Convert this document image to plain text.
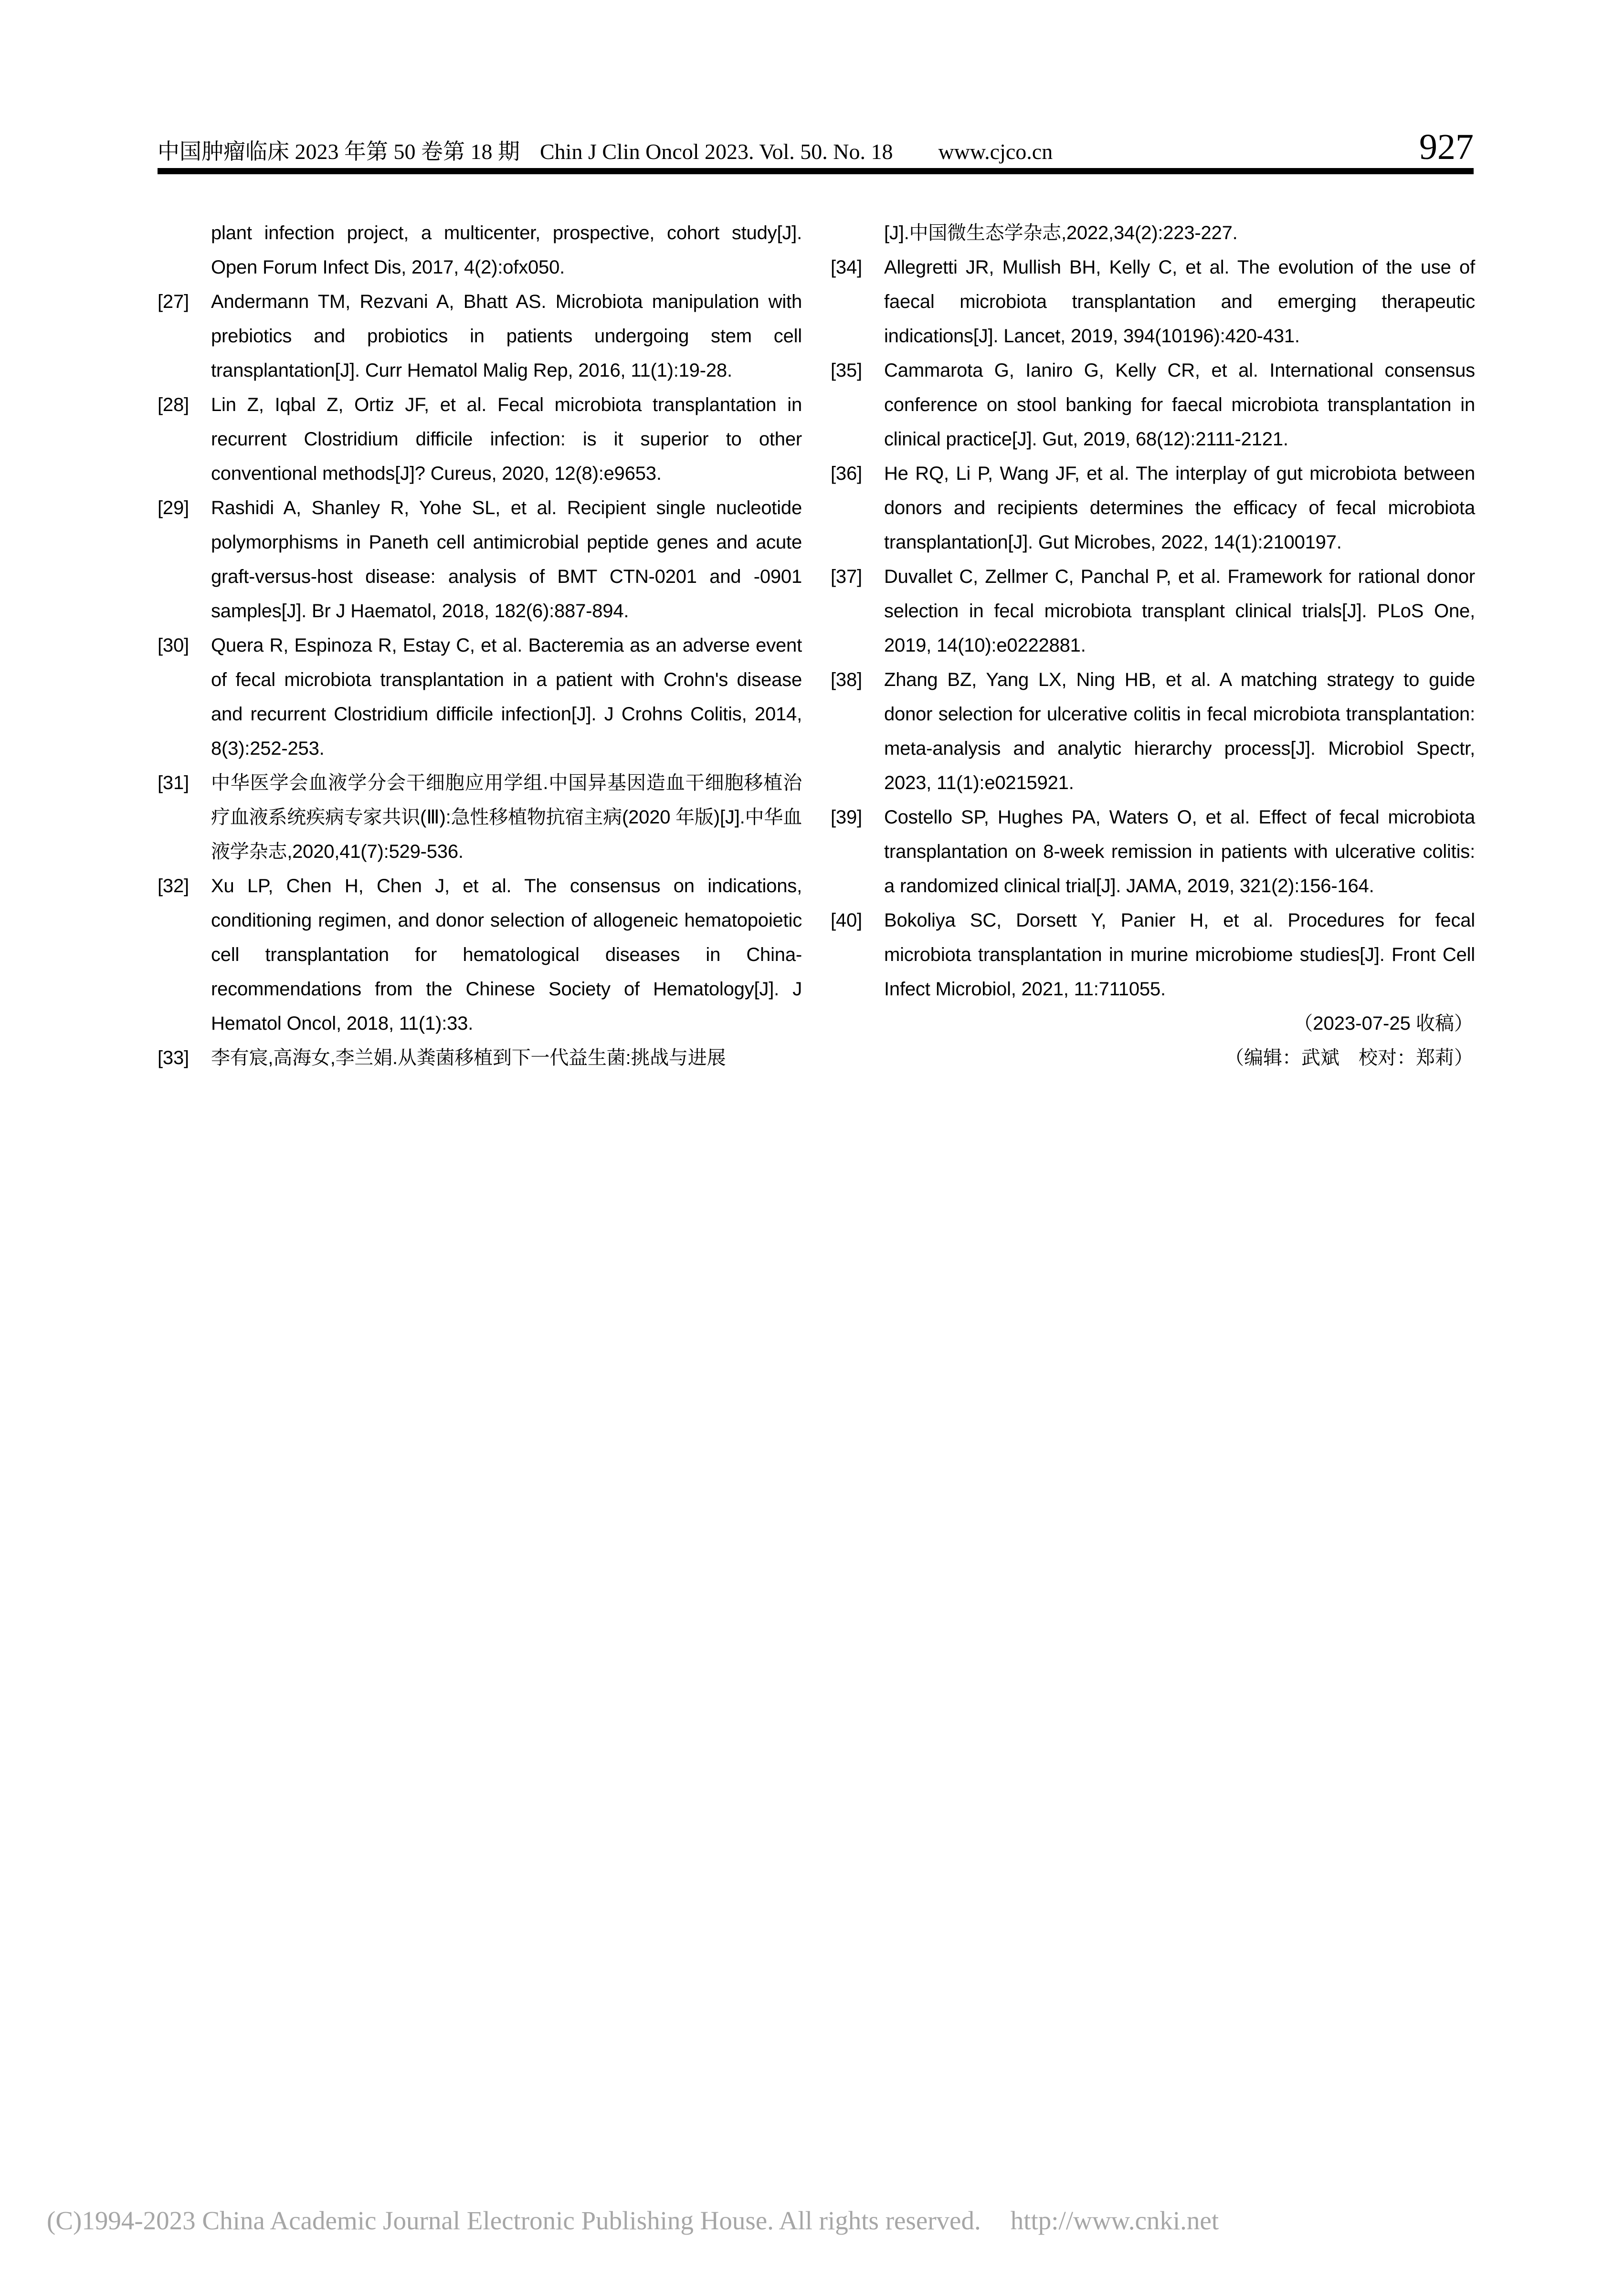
中国肿瘤临床 2023 年第 50 卷第 18 期 Chin J Clin Oncol 2023. Vol. 50. No. 18 www.cjco.cn	927
plant infection project, a multicenter, prospective, cohort study[J]. Open Forum Infect Dis, 2017, 4(2):ofx050.
[27] Andermann TM, Rezvani A, Bhatt AS. Microbiota manipulation with prebiotics and probiotics in patients undergoing stem cell transplantation[J]. Curr Hematol Malig Rep, 2016, 11(1):19-28.
[28] Lin Z, Iqbal Z, Ortiz JF, et al. Fecal microbiota transplantation in recurrent Clostridium difficile infection: is it superior to other conventional methods[J]? Cureus, 2020, 12(8):e9653.
[29] Rashidi A, Shanley R, Yohe SL, et al. Recipient single nucleotide polymorphisms in Paneth cell antimicrobial peptide genes and acute graft-versus-host disease: analysis of BMT CTN-0201 and -0901 samples[J]. Br J Haematol, 2018, 182(6):887-894.
[30] Quera R, Espinoza R, Estay C, et al. Bacteremia as an adverse event of fecal microbiota transplantation in a patient with Crohn's disease and recurrent Clostridium difficile infection[J]. J Crohns Colitis, 2014, 8(3):252-253.
[31] 中华医学会血液学分会干细胞应用学组.中国异基因造血干细胞移植治疗血液系统疾病专家共识(Ⅲ):急性移植物抗宿主病(2020 年版)[J].中华血液学杂志,2020,41(7):529-536.
[32] Xu LP, Chen H, Chen J, et al. The consensus on indications, conditioning regimen, and donor selection of allogeneic hematopoietic cell transplantation for hematological diseases in China-recommendations from the Chinese Society of Hematology[J]. J Hematol Oncol, 2018, 11(1):33.
[33] 李有宸,高海女,李兰娟.从粪菌移植到下一代益生菌:挑战与进展
[J].中国微生态学杂志,2022,34(2):223-227.
[34] Allegretti JR, Mullish BH, Kelly C, et al. The evolution of the use of faecal microbiota transplantation and emerging therapeutic indications[J]. Lancet, 2019, 394(10196):420-431.
[35] Cammarota G, Ianiro G, Kelly CR, et al. International consensus conference on stool banking for faecal microbiota transplantation in clinical practice[J]. Gut, 2019, 68(12):2111-2121.
[36] He RQ, Li P, Wang JF, et al. The interplay of gut microbiota between donors and recipients determines the efficacy of fecal microbiota transplantation[J]. Gut Microbes, 2022, 14(1):2100197.
[37] Duvallet C, Zellmer C, Panchal P, et al. Framework for rational donor selection in fecal microbiota transplant clinical trials[J]. PLoS One, 2019, 14(10):e0222881.
[38] Zhang BZ, Yang LX, Ning HB, et al. A matching strategy to guide donor selection for ulcerative colitis in fecal microbiota transplantation: meta-analysis and analytic hierarchy process[J]. Microbiol Spectr, 2023, 11(1):e0215921.
[39] Costello SP, Hughes PA, Waters O, et al. Effect of fecal microbiota transplantation on 8-week remission in patients with ulcerative colitis: a randomized clinical trial[J]. JAMA, 2019, 321(2):156-164.
[40] Bokoliya SC, Dorsett Y, Panier H, et al. Procedures for fecal microbiota transplantation in murine microbiome studies[J]. Front Cell Infect Microbiol, 2021, 11:711055.
（2023-07-25 收稿）
（编辑：武斌　校对：郑莉）
(C)1994-2023 China Academic Journal Electronic Publishing House. All rights reserved. http://www.cnki.net
